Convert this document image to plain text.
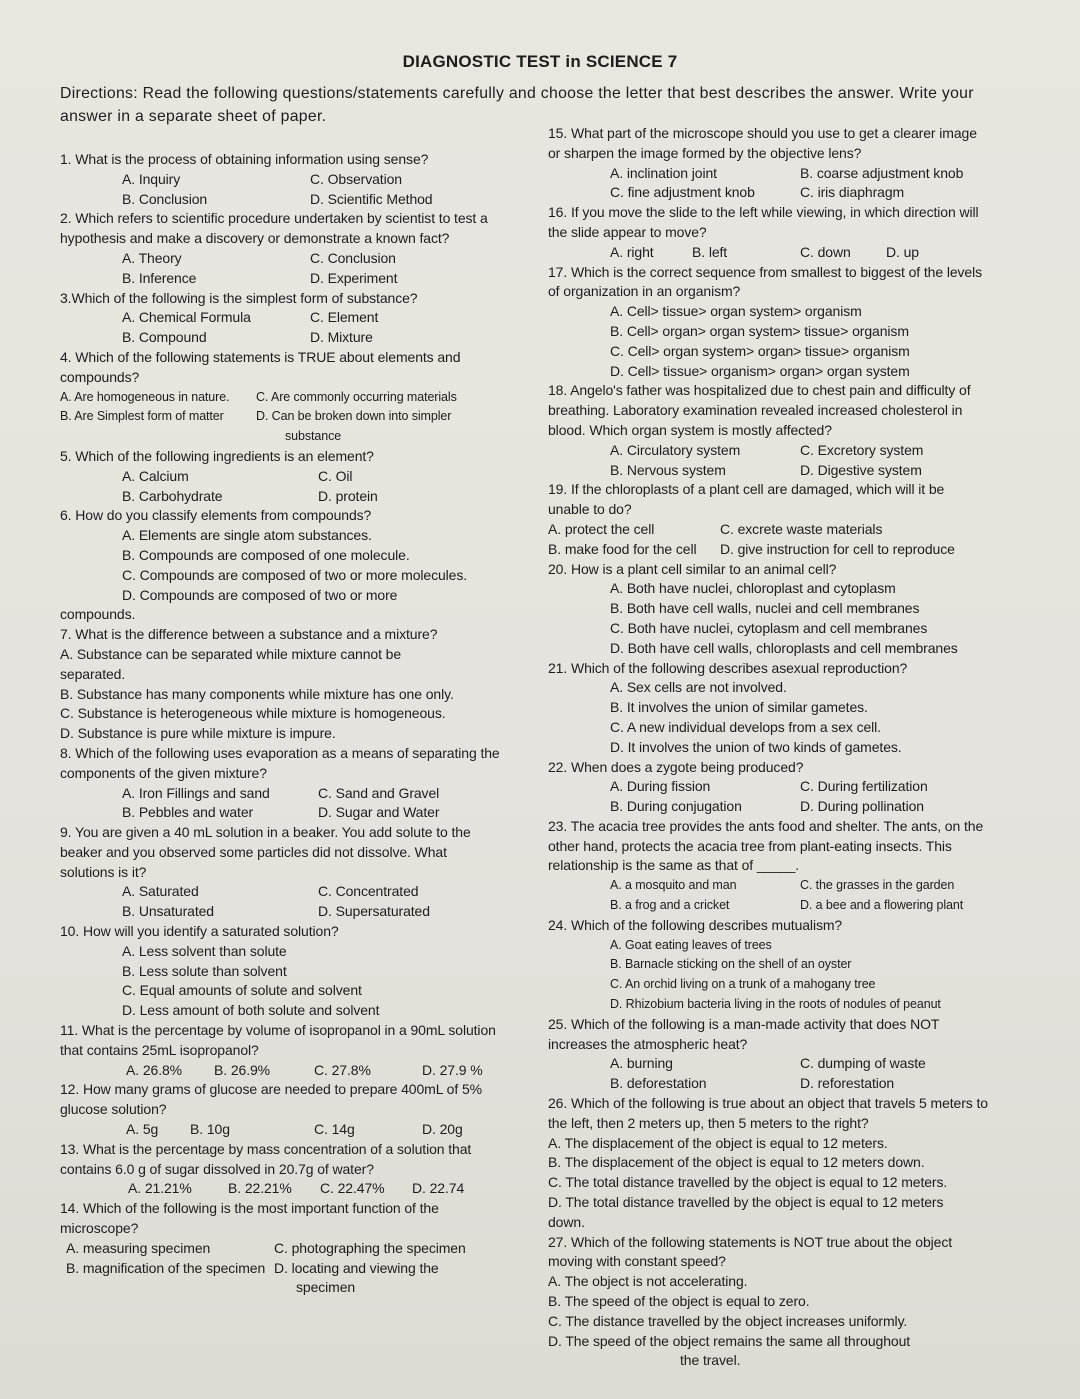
DIAGNOSTIC TEST in SCIENCE 7
Directions: Read the following questions/statements carefully and choose the letter that best describes the answer. Write your answer in a separate sheet of paper.
1. What is the process of obtaining information using sense?
A. Inquiry	C. Observation
B. Conclusion	D. Scientific Method
2. Which refers to scientific procedure undertaken by scientist to test a hypothesis and make a discovery or demonstrate a known fact?
A. Theory	C. Conclusion
B. Inference	D. Experiment
3.Which of the following is the simplest form of substance?
A. Chemical Formula	C. Element
B. Compound	D. Mixture
4. Which of the following statements is TRUE about elements and compounds?
A. Are homogeneous in nature.	C. Are commonly occurring materials
B. Are Simplest form of matter	D. Can be broken down into simpler
substance
5. Which of the following ingredients is an element?
A. Calcium	C. Oil
B. Carbohydrate	D. protein
6. How do you classify elements from compounds?
A. Elements are single atom substances.
B. Compounds are composed of one molecule.
C. Compounds are composed of two or more molecules.
D. Compounds are composed of two or more
compounds.
7. What is the difference between a substance and a mixture?
A. Substance can be separated while mixture cannot be
separated.
B. Substance has many components while mixture has one only.
C. Substance is heterogeneous while mixture is homogeneous.
D. Substance is pure while mixture is impure.
8. Which of the following uses evaporation as a means of separating the components of the given mixture?
A. Iron Fillings and sand	C. Sand and Gravel
B. Pebbles and water	D. Sugar and Water
9. You are given a 40 mL solution in a beaker. You add solute to the beaker and you observed some particles did not dissolve. What solutions is it?
A. Saturated	C. Concentrated
B. Unsaturated	D. Supersaturated
10. How will you identify a saturated solution?
A. Less solvent than solute
B. Less solute than solvent
C. Equal amounts of solute and solvent
D. Less amount of both solute and solvent
11. What is the percentage by volume of isopropanol in a 90mL solution that contains 25mL isopropanol?
A. 26.8%	B. 26.9%	C. 27.8%	D. 27.9 %
12. How many grams of glucose are needed to prepare 400mL of 5% glucose solution?
A. 5g	B. 10g	C. 14g	D. 20g
13. What is the percentage by mass concentration of a solution that contains 6.0 g of sugar dissolved in 20.7g of water?
A. 21.21%	B. 22.21%	C. 22.47%	D. 22.74
14. Which of the following is the most important function of the microscope?
A. measuring specimen	C. photographing the specimen
B. magnification of the specimen D. locating and viewing the
specimen
15. What part of the microscope should you use to get a clearer image or sharpen the image formed by the objective lens?
A. inclination joint	B. coarse adjustment knob
C. fine adjustment knob	C. iris diaphragm
16. If you move the slide to the left while viewing, in which direction will the slide appear to move?
A. right	B. left	C. down	D. up
17. Which is the correct sequence from smallest to biggest of the levels of organization in an organism?
A. Cell> tissue> organ system> organism
B. Cell> organ> organ system> tissue> organism
C. Cell> organ system> organ> tissue> organism
D. Cell> tissue> organism> organ> organ system
18. Angelo's father was hospitalized due to chest pain and difficulty of breathing. Laboratory examination revealed increased cholesterol in blood. Which organ system is mostly affected?
A. Circulatory system	C. Excretory system
B. Nervous system	D. Digestive system
19. If the chloroplasts of a plant cell are damaged, which will it be unable to do?
A. protect the cell	C. excrete waste materials
B. make food for the cell	D. give instruction for cell to reproduce
20. How is a plant cell similar to an animal cell?
A. Both have nuclei, chloroplast and cytoplasm
B. Both have cell walls, nuclei and cell membranes
C. Both have nuclei, cytoplasm and cell membranes
D. Both have cell walls, chloroplasts and cell membranes
21. Which of the following describes asexual reproduction?
A. Sex cells are not involved.
B. It involves the union of similar gametes.
C. A new individual develops from a sex cell.
D. It involves the union of two kinds of gametes.
22. When does a zygote being produced?
A. During fission	C. During fertilization
B. During conjugation	D. During pollination
23. The acacia tree provides the ants food and shelter. The ants, on the other hand, protects the acacia tree from plant-eating insects. This relationship is the same as that of _____.
A. a mosquito and man	C. the grasses in the garden
B. a frog and a cricket	D. a bee and a flowering plant
24. Which of the following describes mutualism?
A. Goat eating leaves of trees
B. Barnacle sticking on the shell of an oyster
C. An orchid living on a trunk of a mahogany tree
D. Rhizobium bacteria living in the roots of nodules of peanut
25. Which of the following is a man-made activity that does NOT increases the atmospheric heat?
A. burning	C. dumping of waste
B. deforestation	D. reforestation
26. Which of the following is true about an object that travels 5 meters to the left, then 2 meters up, then 5 meters to the right?
A. The displacement of the object is equal to 12 meters.
B. The displacement of the object is equal to 12 meters down.
C. The total distance travelled by the object is equal to 12 meters.
D. The total distance travelled by the object is equal to 12 meters
down.
27. Which of the following statements is NOT true about the object moving with constant speed?
A. The object is not accelerating.
B. The speed of the object is equal to zero.
C. The distance travelled by the object increases uniformly.
D. The speed of the object remains the same all throughout
the travel.
